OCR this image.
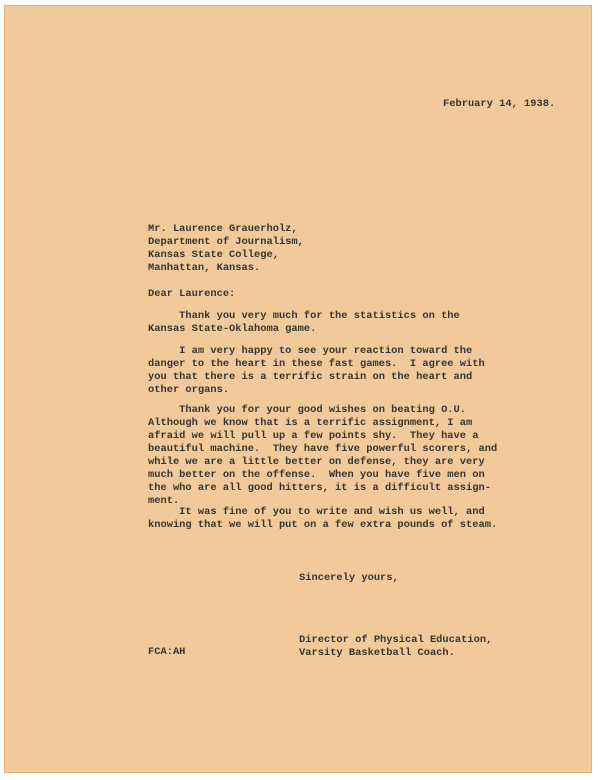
February 14, 1938.
Mr. Laurence Grauerholz,
Department of Journalism,
Kansas State College,
Manhattan, Kansas.
Dear Laurence:
Thank you very much for the statistics on the
Kansas State-Oklahoma game.
I am very happy to see your reaction toward the
danger to the heart in these fast games.  I agree with
you that there is a terrific strain on the heart and
other organs.
Thank you for your good wishes on beating O.U.
Although we know that is a terrific assignment, I am
afraid we will pull up a few points shy.  They have a
beautiful machine.  They have five powerful scorers, and
while we are a little better on defense, they are very
much better on the offense.  When you have five men on
the who are all good hitters, it is a difficult assign-
ment.
It was fine of you to write and wish us well, and
knowing that we will put on a few extra pounds of steam.
Sincerely yours,
FCA:AH
Director of Physical Education,
Varsity Basketball Coach.
